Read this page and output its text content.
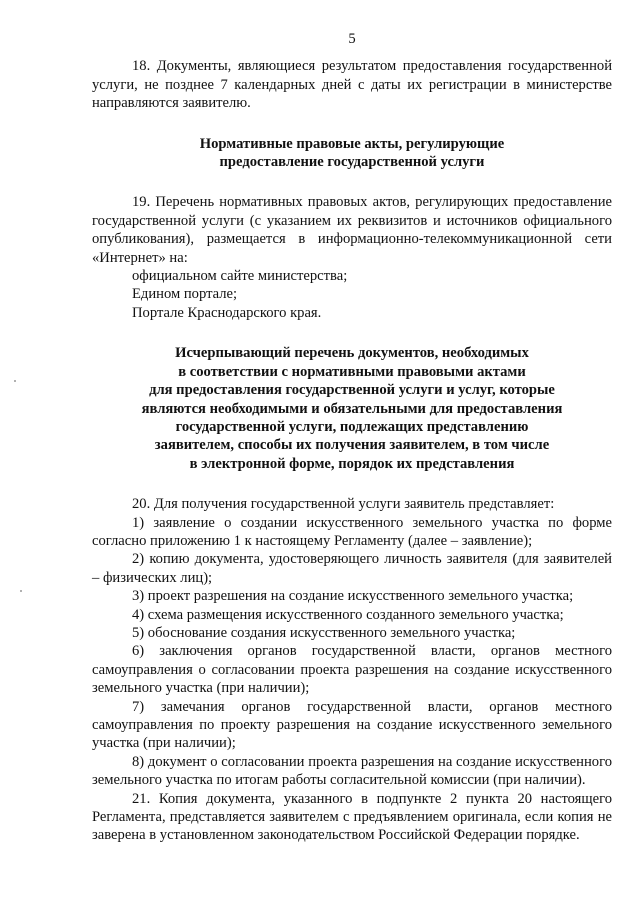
5

18. Документы, являющиеся результатом предоставления государственной услуги, не позднее 7 календарных дней с даты их регистрации в министерстве направляются заявителю.

Нормативные правовые акты, регулирующие
предоставление государственной услуги

19. Перечень нормативных правовых актов, регулирующих предоставление государственной услуги (с указанием их реквизитов и источников официального опубликования), размещается в информационно-телекоммуникационной сети «Интернет» на:

официальном сайте министерства;

Едином портале;

Портале Краснодарского края.

Исчерпывающий перечень документов, необходимых
в соответствии с нормативными правовыми актами
для предоставления государственной услуги и услуг, которые
являются необходимыми и обязательными для предоставления
государственной услуги, подлежащих представлению
заявителем, способы их получения заявителем, в том числе
в электронной форме, порядок их представления

20. Для получения государственной услуги заявитель представляет:

1) заявление о создании искусственного земельного участка по форме согласно приложению 1 к настоящему Регламенту (далее – заявление);

2) копию документа, удостоверяющего личность заявителя (для заявителей – физических лиц);

3) проект разрешения на создание искусственного земельного участка;

4) схема размещения искусственного созданного земельного участка;

5) обоснование создания искусственного земельного участка;

6) заключения органов государственной власти, органов местного самоуправления о согласовании проекта разрешения на создание искусственного земельного участка (при наличии);

7) замечания органов государственной власти, органов местного самоуправления по проекту разрешения на создание искусственного земельного участка (при наличии);

8) документ о согласовании проекта разрешения на создание искусственного земельного участка по итогам работы согласительной комиссии (при наличии).

21. Копия документа, указанного в подпункте 2 пункта 20 настоящего Регламента, представляется заявителем с предъявлением оригинала, если копия не заверена в установленном законодательством Российской Федерации порядке.
